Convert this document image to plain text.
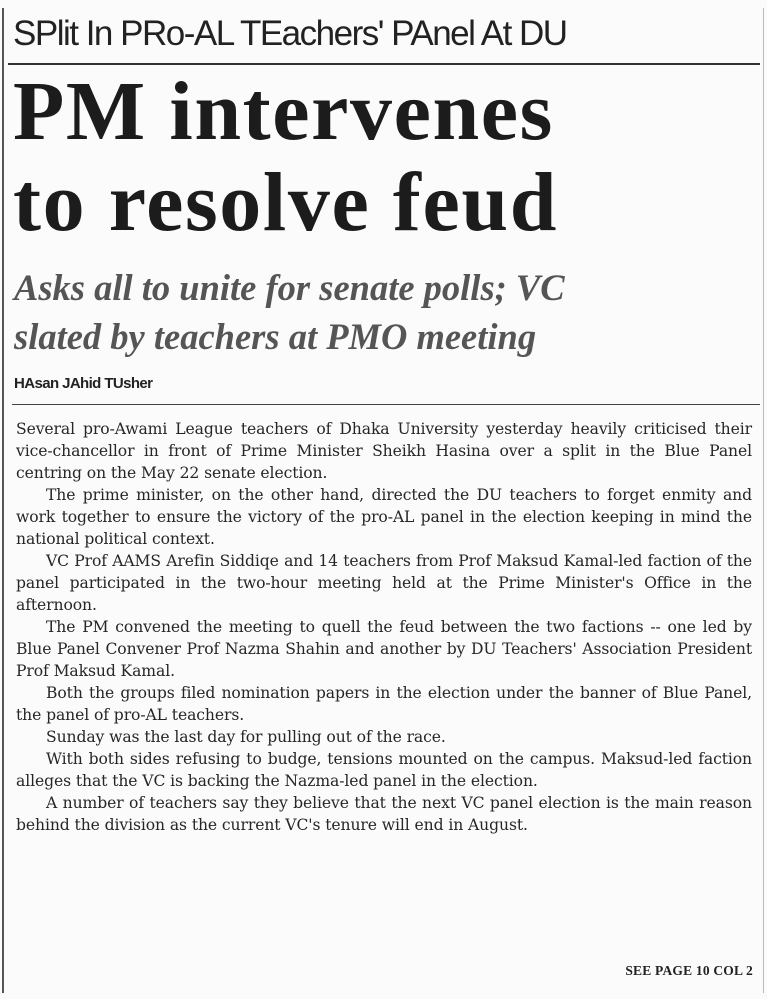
SPlit In PRo-AL TEachers' PAnel At DU
PM intervenes
to resolve feud
Asks all to unite for senate polls; VC
slated by teachers at PMO meeting
HAsan JAhid TUsher

Several pro-Awami League teachers of Dhaka University yesterday heavily criticised their vice-chancellor in front of Prime Minister Sheikh Hasina over a split in the Blue Panel centring on the May 22 senate election.

The prime minister, on the other hand, directed the DU teachers to forget enmity and work together to ensure the victory of the pro-AL panel in the election keeping in mind the national political context.

VC Prof AAMS Arefin Siddiqe and 14 teachers from Prof Maksud Kamal-led faction of the panel participated in the two-hour meeting held at the Prime Minister's Office in the afternoon.

The PM convened the meeting to quell the feud between the two factions -- one led by Blue Panel Convener Prof Nazma Shahin and another by DU Teachers' Association President Prof Maksud Kamal.

Both the groups filed nomination papers in the election under the banner of Blue Panel, the panel of pro-AL teachers.

Sunday was the last day for pulling out of the race.

With both sides refusing to budge, tensions mounted on the campus. Maksud-led faction alleges that the VC is backing the Nazma-led panel in the election.

A number of teachers say they believe that the next VC panel election is the main reason behind the division as the current VC's tenure will end in August.

SEE PAGE 10 COL 2
